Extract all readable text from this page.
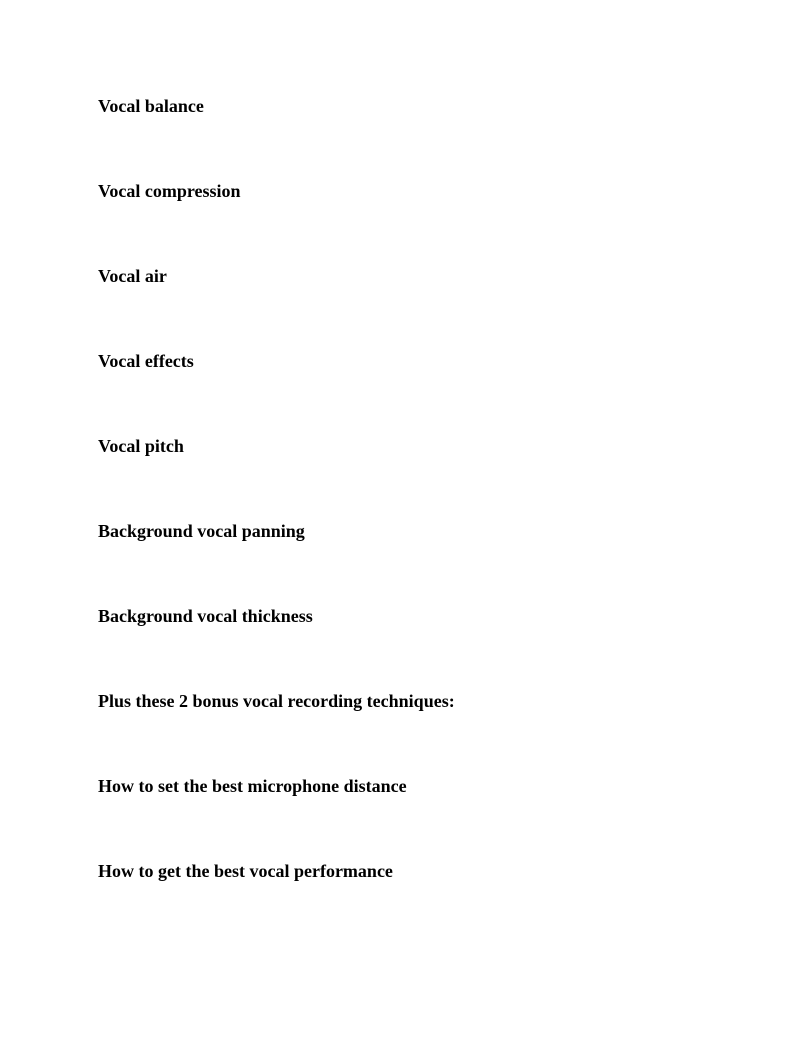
Vocal balance
Vocal compression
Vocal air
Vocal effects
Vocal pitch
Background vocal panning
Background vocal thickness
Plus these 2 bonus vocal recording techniques:
How to set the best microphone distance
How to get the best vocal performance
